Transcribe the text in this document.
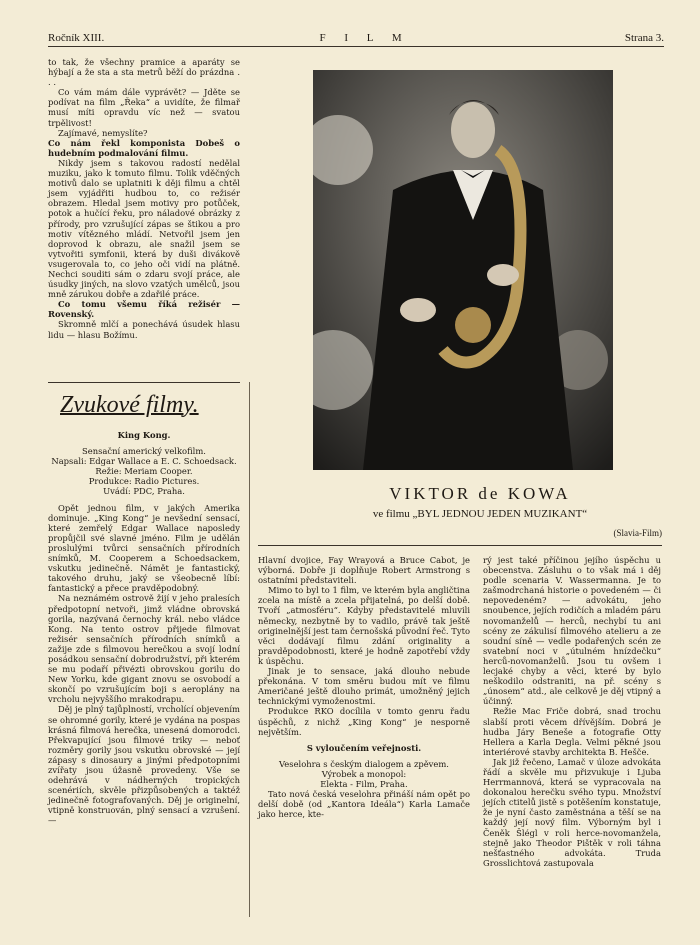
Ročník XIII.	F I L M	Strana 3.

to tak, že všechny pramice a aparáty se hýbají a že sta a sta metrů běží do prázdna . . .

Co vám mám dále vyprávět? — Jděte se podívat na film „Řeka“ a uvidíte, že filmař musí míti opravdu víc než — svatou trpělivost!

Zajímavé, nemyslíte?

Co nám řekl komponista Dobeš o hudebním podmalování filmu.

Nikdy jsem s takovou radostí nedělal muziku, jako k tomuto filmu. Tolik vděčných motivů dalo se uplatniti k ději filmu a chtěl jsem vyjádřiti hudbou to, co režisér obrazem. Hledal jsem motivy pro potůček, potok a hučící řeku, pro náladové obrázky z přírody, pro vzrušující zápas se štikou a pro motiv vítězného mládí. Netvořil jsem jen doprovod k obrazu, ale snažil jsem se vytvořiti symfonii, která by duši divákově vsugerovala to, co jeho oči vidí na plátně. Nechci souditi sám o zdaru svojí práce, ale úsudky jiných, na slovo vzatých umělců, jsou mně zárukou dobře a zdařilé práce.

Co tomu všemu říká režisér — Rovenský.

Skromně mlčí a ponechává úsudek hlasu lidu — hlasu Božímu.

Zvukové filmy.

King Kong.

Sensační americký velkofilm.

Napsali: Edgar Wallace a E. C. Schoedsack.

Režie: Meriam Cooper.

Produkce: Radio Pictures.

Uvádí: PDC, Praha.

Opět jednou film, v jakých Amerika dominuje. „King Kong“ je nevšední sensací, které zemřelý Edgar Wallace naposledy propůjčil své slavné jméno. Film je udělán proslulými tvůrci sensačních přírodních snímků, M. Cooperem a Schoedsackem, vskutku jedinečně. Námět je fantastický, takového druhu, jaký se všeobecně líbí: fantastický a přece pravděpodobný.

Na neznámém ostrově žijí v jeho pralesích předpotopní netvoři, jimž vládne obrovská gorila, nazývaná černochy král. nebo vládce Kong. Na tento ostrov přijede filmovat režisér sensačních přírodních snímků a zažije zde s filmovou herečkou a svojí lodní posádkou sensační dobrodružství, při kterém se mu podaří přivézti obrovskou gorilu do New Yorku, kde gigant znovu se osvobodí a skončí po vzrušujícím boji s aeroplány na vrcholu nejvyššího mrakodrapu.

Děj je plný tajůplností, vrcholící objevením se ohromné gorily, které je vydána na pospas krásná filmová herečka, unesená domorodci. Překvapující jsou filmové triky — neboť rozměry gorily jsou vskutku obrovské — její zápasy s dinosaury a jinými předpotopními zvířaty jsou úžasně provedeny. Vše se odehrává v nádherných tropických scenériích, skvěle přizpůsobených a taktéž jedinečně fotografovaných. Děj je originelní, vtipně konstruován, plný sensací a vzrušení. —

VIKTOR de KOWA
ve filmu „BYL JEDNOU JEDEN MUZIKANT“
(Slavia-Film)

Hlavní dvojice, Fay Wrayová a Bruce Cabot, je výborná. Dobře ji doplňuje Robert Armstrong s ostatními představiteli.

Mimo to byl to 1 film, ve kterém byla angličtina zcela na místě a zcela přijatelná, po delší době. Tvoří „atmosféru“. Kdyby představitelé mluvili německy, nezbytně by to vadilo, právě tak ještě originelnější jest tam černošská původní řeč. Tyto věci dodávají filmu zdání originality a pravděpodobnosti, které je hodně zapotřebí vždy k úspěchu.

Jinak je to sensace, jaká dlouho nebude překonána. V tom směru budou mít ve filmu Američané ještě dlouho primát, umožněný jejich technickými vymoženostmi.

Produkce RKO docílila v tomto genru řadu úspěchů, z nichž „King Kong“ je nesporně největším.

S vyloučením veřejnosti.

Veselohra s českým dialogem a zpěvem.

Výrobek a monopol:

Elekta - Film, Praha.

Tato nová česká veselohra přináší nám opět po delší době (od „Kantora Ideála“) Karla Lamače jako herce, kte-

rý jest také příčinou jejího úspěchu u obecenstva. Zásluhu o to však má i děj podle scenaria V. Wassermanna. Je to zašmodrchaná historie o povedeném — či nepovedeném? — advokátu, jeho snoubence, jejích rodičích a mladém páru novomanželů — herců, nechybí tu ani scény ze zákulisí filmového atelieru a ze soudní síně — vedle podařených scén ze svatební noci v „útulném hnízdečku“ herců-novomanželů. Jsou tu ovšem i lecjaké chyby a věci, které by bylo neškodilo odstraniti, na př. scény s „únosem“ atd., ale celkově je děj vtipný a účinný.

Režie Mac Friče dobrá, snad trochu slabší proti věcem dřívějším. Dobrá je hudba Járy Beneše a fotografie Otty Hellera a Karla Degla. Velmi pěkné jsou interiérové stavby architekta B. Hešče.

Jak již řečeno, Lamač v úloze advokáta řádí a skvěle mu přizvukuje i Ljuba Herrmannová, která se vypracovala na dokonalou herečku svého typu. Množství jejích ctitelů jistě s potěšením konstatuje, že je nyní často zaměstnána a těší se na každý její nový film. Výborným byl i Čeněk Šlégl v roli herce-novomanžela, stejně jako Theodor Pištěk v roli táhna nešťastného advokáta. Truda Grosslichtová zastupovala
